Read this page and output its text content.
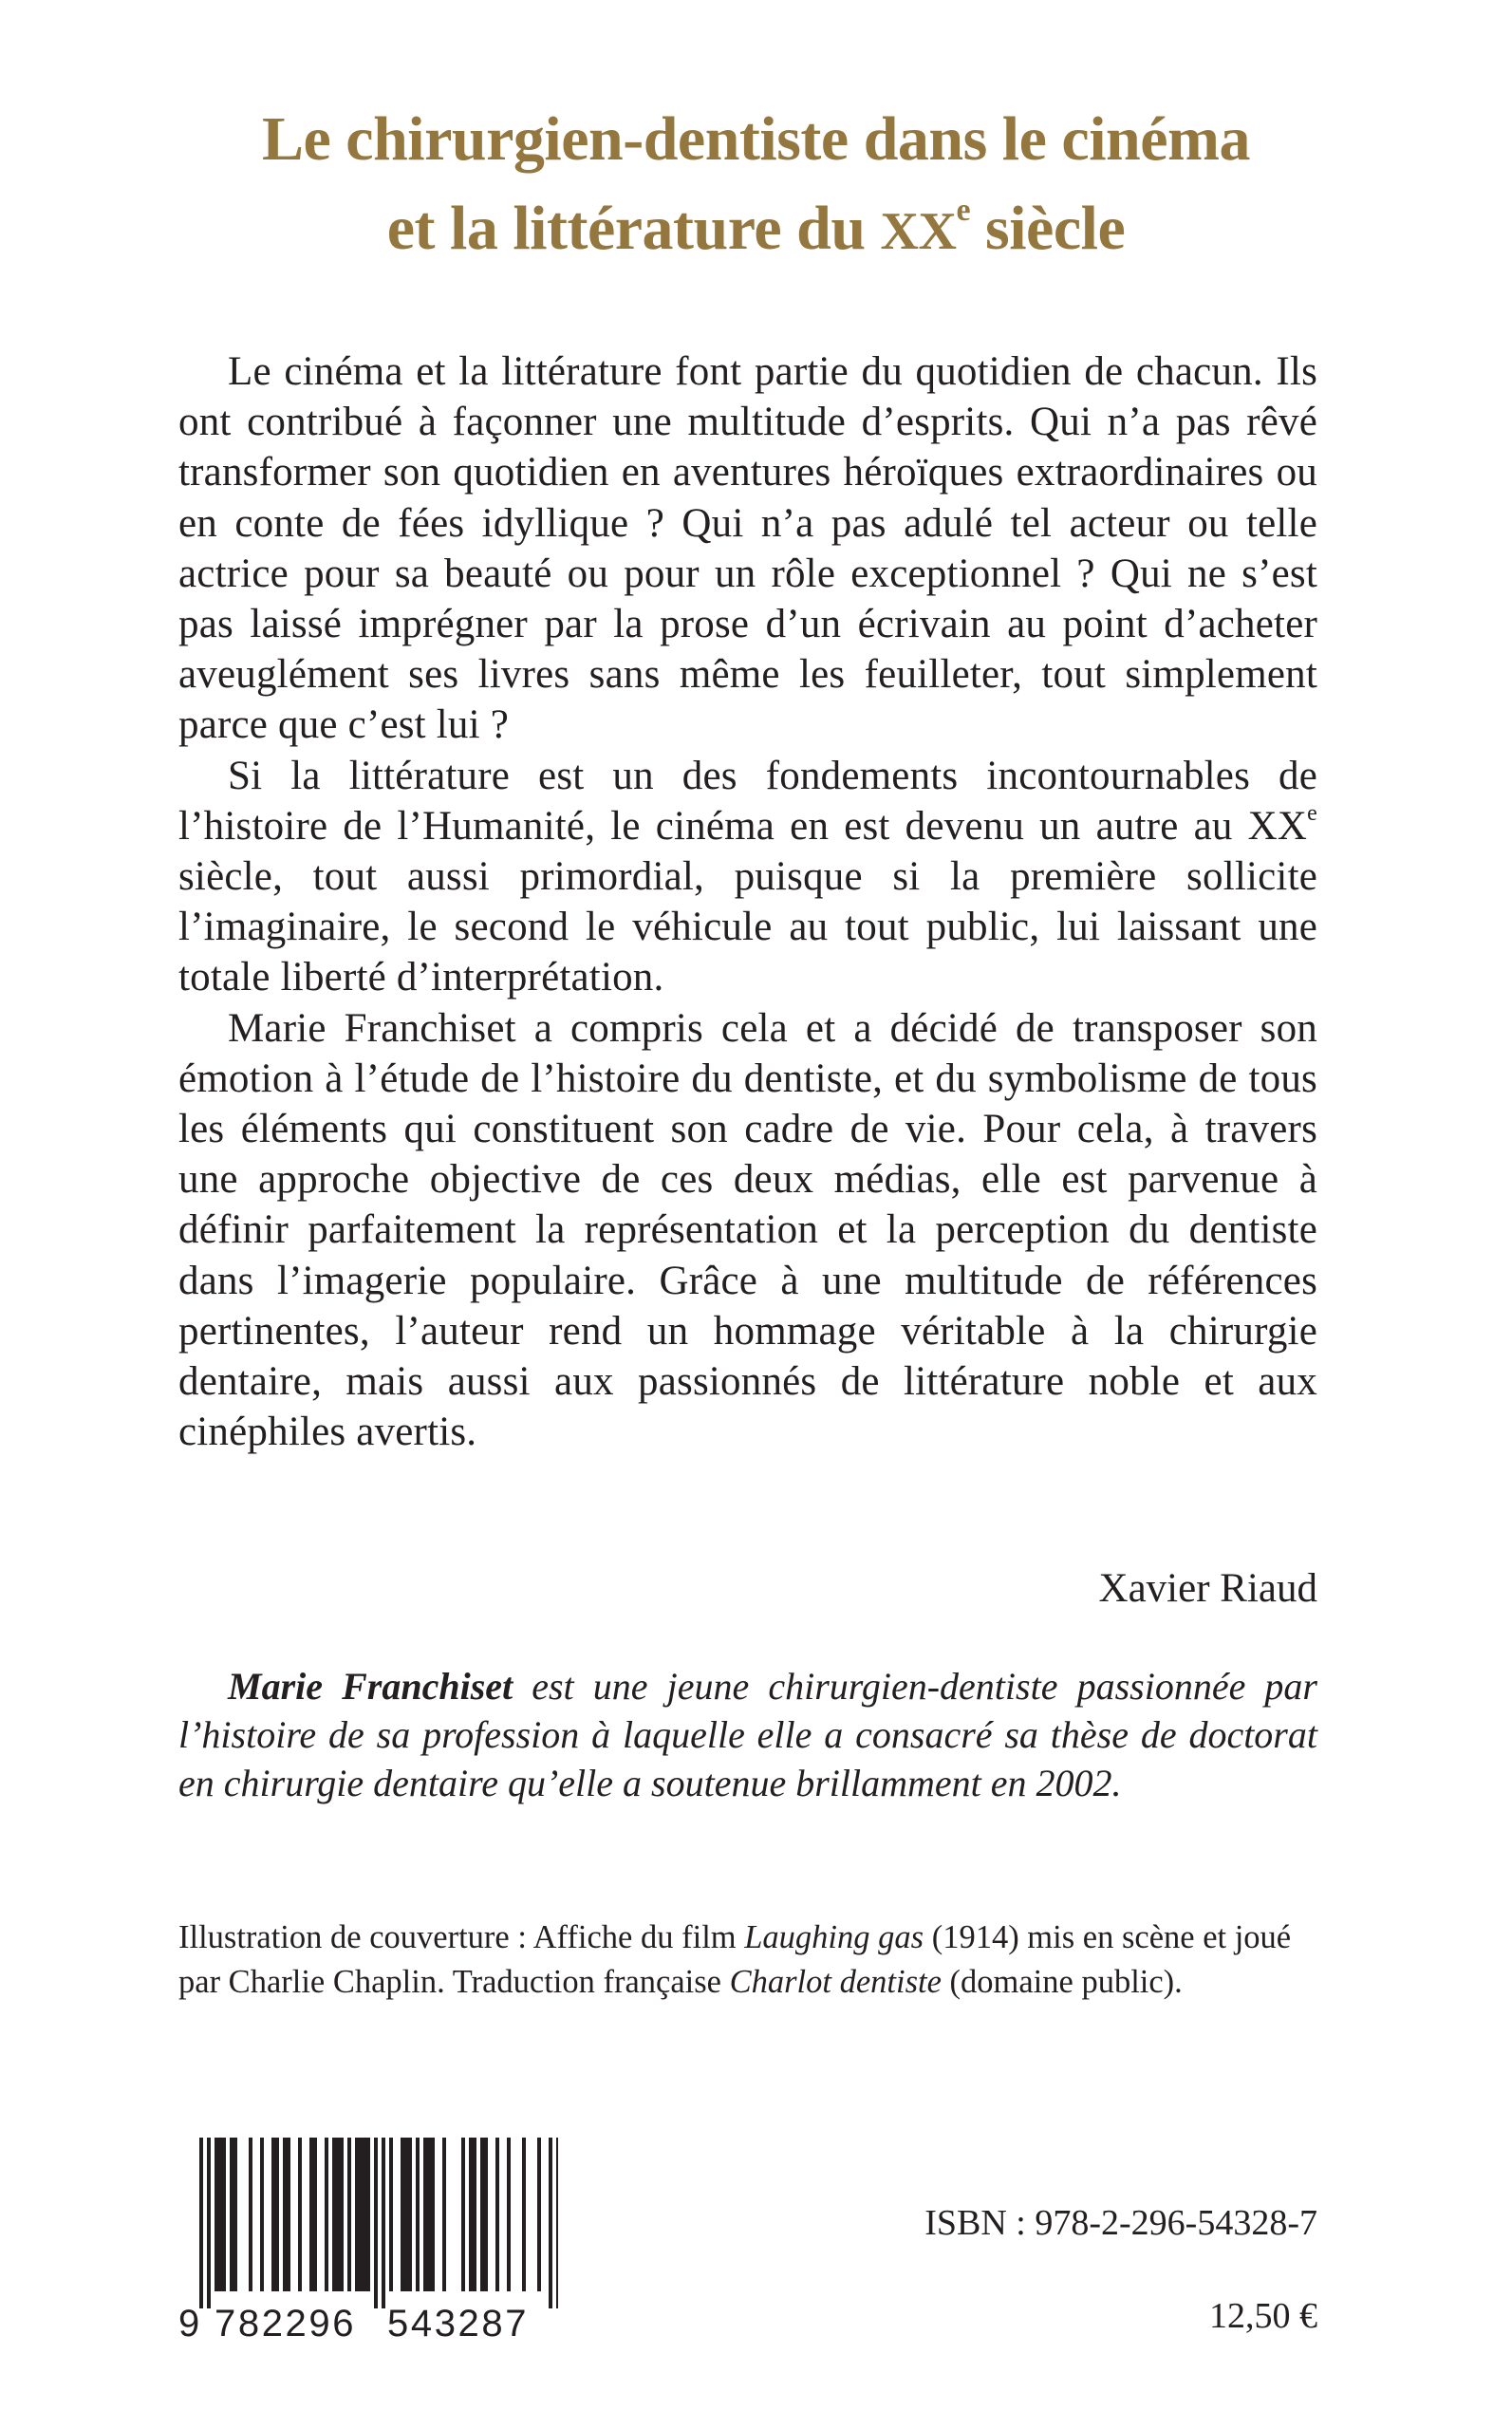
Le chirurgien-dentiste dans le cinéma
et la littérature du XXe siècle

Le cinéma et la littérature font partie du quotidien de chacun. Ils ont contribué à façonner une multitude d’esprits. Qui n’a pas rêvé transformer son quotidien en aventures héroïques extraordinaires ou en conte de fées idyllique ? Qui n’a pas adulé tel acteur ou telle actrice pour sa beauté ou pour un rôle exceptionnel ? Qui ne s’est pas laissé imprégner par la prose d’un écrivain au point d’acheter aveuglément ses livres sans même les feuilleter, tout simplement parce que c’est lui ?

Si la littérature est un des fondements incontournables de l’histoire de l’Humanité, le cinéma en est devenu un autre au XXe siècle, tout aussi primordial, puisque si la première sollicite l’imaginaire, le second le véhicule au tout public, lui laissant une totale liberté d’interprétation.

Marie Franchiset a compris cela et a décidé de transposer son émotion à l’étude de l’histoire du dentiste, et du symbolisme de tous les éléments qui constituent son cadre de vie. Pour cela, à travers une approche objective de ces deux médias, elle est parvenue à définir parfaitement la représentation et la perception du dentiste dans l’imagerie populaire. Grâce à une multitude de références pertinentes, l’auteur rend un hommage véritable à la chirurgie dentaire, mais aussi aux passionnés de littérature noble et aux cinéphiles avertis.

Xavier Riaud

Marie Franchiset est une jeune chirurgien-dentiste passionnée par l’histoire de sa profession à laquelle elle a consacré sa thèse de doctorat en chirurgie dentaire qu’elle a soutenue brillamment en 2002.

Illustration de couverture : Affiche du film Laughing gas (1914) mis en scène et joué par Charlie Chaplin. Traduction française Charlot dentiste (domaine public).

9 782296 543287
ISBN : 978-2-296-54328-7
12,50 €
